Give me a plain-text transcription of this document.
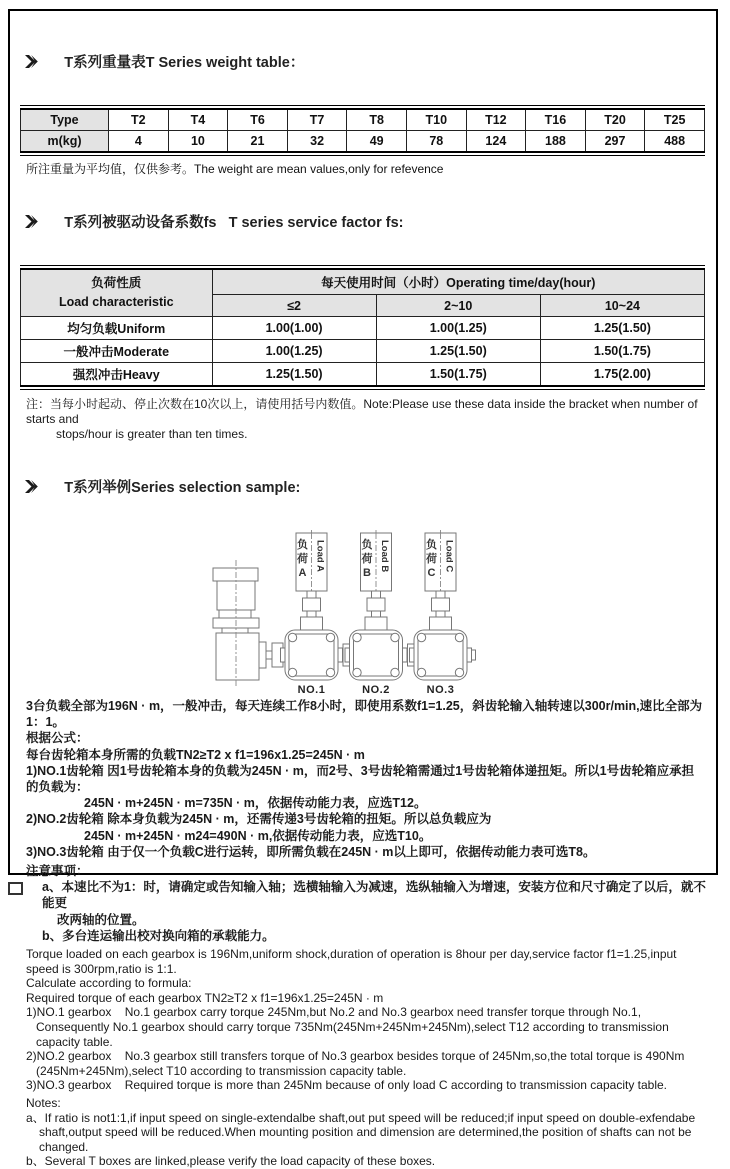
T系列重量表T Series weight table：
Type	T2	T4	T6	T7	T8	T10	T12	T16	T20	T25
m(kg)	4	10	21	32	49	78	124	188	297	488
所注重量为平均值，仅供参考。The weight are mean values,only for refevence

T系列被驱动设备系数fs   T series service factor fs:
负荷性质
Load characteristic	每天使用时间（小时）Operating time/day(hour)		
	≤2	2~10	10~24
均匀负载Uniform	1.00(1.00)	1.00(1.25)	1.25(1.50)
一般冲击Moderate	1.00(1.25)	1.25(1.50)	1.50(1.75)
强烈冲击Heavy	1.25(1.50)	1.50(1.75)	1.75(2.00)
注：当每小时起动、停止次数在10次以上，请使用括号内数值。Note:Please use these data inside the bracket when number of starts and
stops/hour is greater than ten times.

T系列举例Series selection sample:
负荷 A
Load A
NO.1
负荷 B
Load B
NO.2
负荷 C
Load C
NO.3
3台负载全部为196N · m，一般冲击，每天连续工作8小时，即使用系数f1=1.25，斜齿轮输入轴转速以300r/min,速比全部为1：1。
根据公式：
每台齿轮箱本身所需的负载TN2≥T2 x f1=196x1.25=245N · m
1)NO.1齿轮箱 因1号齿轮箱本身的负载为245N · m，而2号、3号齿轮箱需通过1号齿轮箱体递扭矩。所以1号齿轮箱应承担的负载为：
245N · m+245N · m=735N · m，依据传动能力表，应选T12。
2)NO.2齿轮箱 除本身负载为245N · m，还需传递3号齿轮箱的扭矩。所以总负载应为
245N · m+245N · m24=490N · m,依据传动能力表，应选T10。
3)NO.3齿轮箱 由于仅一个负载C进行运转，即所需负载在245N · m以上即可，依据传动能力表可选T8。
注意事项：
a、本速比不为1：时，请确定或告知输入轴；选横轴输入为减速，选纵轴输入为增速，安装方位和尺寸确定了以后，就不能更
改两轴的位置。
b、多台连运输出校对换向箱的承载能力。
Torque loaded on each gearbox is 196Nm,uniform shock,duration of operation is 8hour per day,service factor f1=1.25,input
speed is 300rpm,ratio is 1:1.
Calculate according to formula:
Required torque of each gearbox TN2≥T2 x f1=196x1.25=245N · m
1)NO.1 gearbox    No.1 gearbox carry torque 245Nm,but No.2 and No.3 gearbox need transfer torque through No.1,
Consequently No.1 gearbox should carry torque 735Nm(245Nm+245Nm+245Nm),select T12 according to transmission
capacity table.
2)NO.2 gearbox    No.3 gearbox still transfers torque of No.3 gearbox besides torque of 245Nm,so,the total torque is 490Nm
(245Nm+245Nm),select T10 according to transmission capacity table.
3)NO.3 gearbox    Required torque is more than 245Nm because of only load C according to transmission capacity table.
Notes:
a、If ratio is not1:1,if input speed on single-extendalbe shaft,out put speed will be reduced;if input speed on double-exfendabe
shaft,output speed will be reduced.When mounting position and dimension are determined,the position of shafts can not be
changed.
b、Several T boxes are linked,please verify the load capacity of these boxes.
